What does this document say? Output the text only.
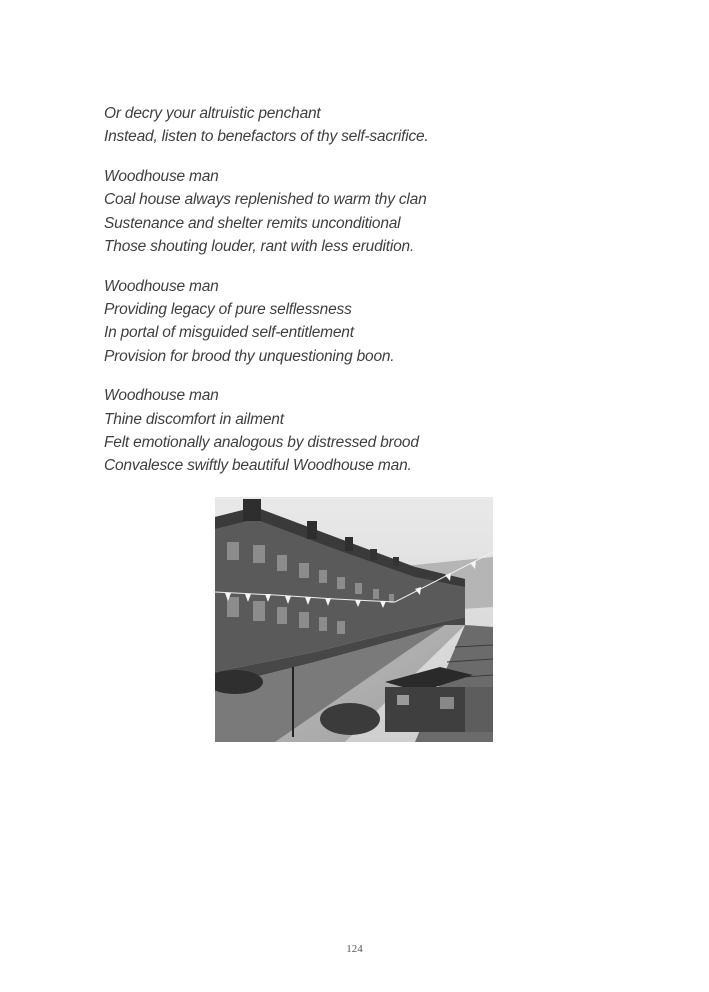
Or decry your altruistic penchant
Instead, listen to benefactors of thy self-sacrifice.
Woodhouse man
Coal house always replenished to warm thy clan
Sustenance and shelter remits unconditional
Those shouting louder, rant with less erudition.
Woodhouse man
Providing legacy of pure selflessness
In portal of misguided self-entitlement
Provision for brood thy unquestioning boon.
Woodhouse man
Thine discomfort in ailment
Felt emotionally analogous by distressed brood
Convalesce swiftly beautiful Woodhouse man.
124
